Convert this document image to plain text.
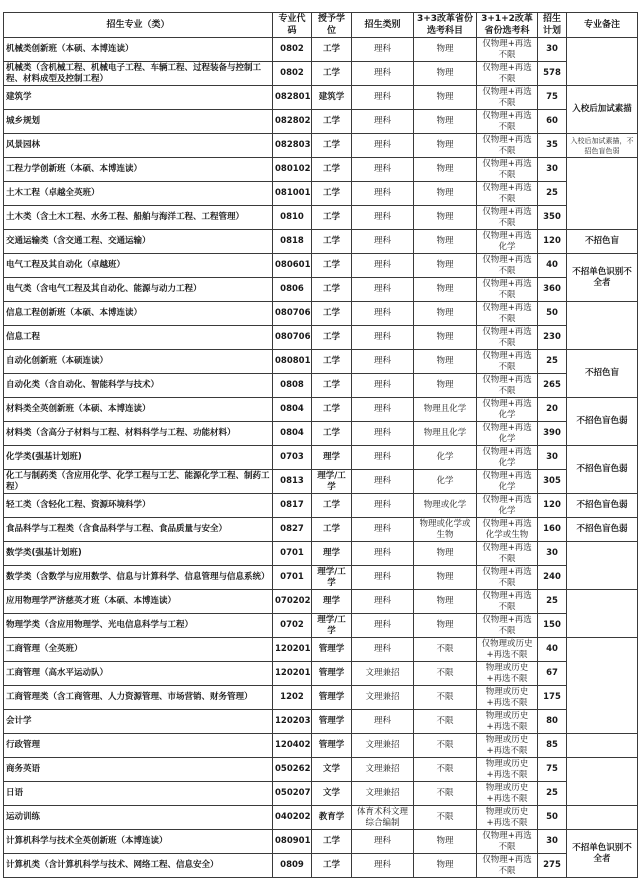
招生专业（类）	专业代码	授予学位	招生类别	3+3改革省份选考科目	3+1+2改革省份选考科	招生计划	专业备注
机械类创新班（本硕、本博连读）	0802	工学	理科	物理	仅物理+再选不限	30	
机械类（含机械工程、机械电子工程、车辆工程、过程装备与控制工程、材料成型及控制工程）	0802	工学	理科	物理	仅物理+再选不限	578	
建筑学	082801	建筑学	理科	物理	仅物理+再选不限	75	入校后加试素描
城乡规划	082802	工学	理科	物理	仅物理+再选不限	60	
风景园林	082803	工学	理科	物理	仅物理+再选不限	35	入校后加试素描，不招色盲色弱
工程力学创新班（本硕、本博连读）	080102	工学	理科	物理	仅物理+再选不限	30	
土木工程（卓越全英班）	081001	工学	理科	物理	仅物理+再选不限	25	
土木类（含土木工程、水务工程、船舶与海洋工程、工程管理）	0810	工学	理科	物理	仅物理+再选不限	350	
交通运输类（含交通工程、交通运输）	0818	工学	理科	物理	仅物理+再选化学	120	不招色盲
电气工程及其自动化（卓越班）	080601	工学	理科	物理	仅物理+再选不限	40	不招单色识别不全者
电气类（含电气工程及其自动化、能源与动力工程）	0806	工学	理科	物理	仅物理+再选不限	360	
信息工程创新班（本硕、本博连读）	080706	工学	理科	物理	仅物理+再选不限	50	
信息工程	080706	工学	理科	物理	仅物理+再选不限	230	
自动化创新班（本硕连读）	080801	工学	理科	物理	仅物理+再选不限	25	不招色盲
自动化类（含自动化、智能科学与技术）	0808	工学	理科	物理	仅物理+再选不限	265	
材料类全英创新班（本硕、本博连读）	0804	工学	理科	物理且化学	仅物理+再选化学	20	不招色盲色弱
材料类（含高分子材料与工程、材料科学与工程、功能材料）	0804	工学	理科	物理且化学	仅物理+再选化学	390	
化学类(强基计划班)	0703	理学	理科	化学	仅物理+再选化学	30	不招色盲色弱
化工与制药类（含应用化学、化学工程与工艺、能源化学工程、制药工程）	0813	理学/工学	理科	化学	仅物理+再选化学	305	
轻工类（含轻化工程、资源环境科学）	0817	工学	理科	物理或化学	仅物理+再选化学	120	不招色盲色弱
食品科学与工程类（含食品科学与工程、食品质量与安全）	0827	工学	理科	物理或化学或生物	仅物理+再选化学或生物	160	不招色盲色弱
数学类(强基计划班)	0701	理学	理科	物理	仅物理+再选不限	30	
数学类（含数学与应用数学、信息与计算科学、信息管理与信息系统）	0701	理学/工学	理科	物理	仅物理+再选不限	240	
应用物理学严济慈英才班（本硕、本博连读）	070202	理学	理科	物理	仅物理+再选不限	25	
物理学类（含应用物理学、光电信息科学与工程）	0702	理学/工学	理科	物理	仅物理+再选不限	150	
工商管理（全英班）	120201	管理学	理科	不限	仅物理或历史+再选不限	40	
工商管理（高水平运动队）	120201	管理学	文理兼招	不限	物理或历史+再选不限	67	
工商管理类（含工商管理、人力资源管理、市场营销、财务管理）	1202	管理学	文理兼招	不限	物理或历史+再选不限	175	
会计学	120203	管理学	理科	不限	物理或历史+再选不限	80	
行政管理	120402	管理学	文理兼招	不限	物理或历史+再选不限	85	
商务英语	050262	文学	文理兼招	不限	物理或历史+再选不限	75	
日语	050207	文学	文理兼招	不限	物理或历史+再选不限	25	
运动训练	040202	教育学	体育术科文理综合编制	不限	物理或历史+再选不限	50	
计算机科学与技术全英创新班（本博连读）	080901	工学	理科	物理	仅物理+再选不限	30	不招单色识别不全者
计算机类（含计算机科学与技术、网络工程、信息安全）	0809	工学	理科	物理	仅物理+再选不限	275	
